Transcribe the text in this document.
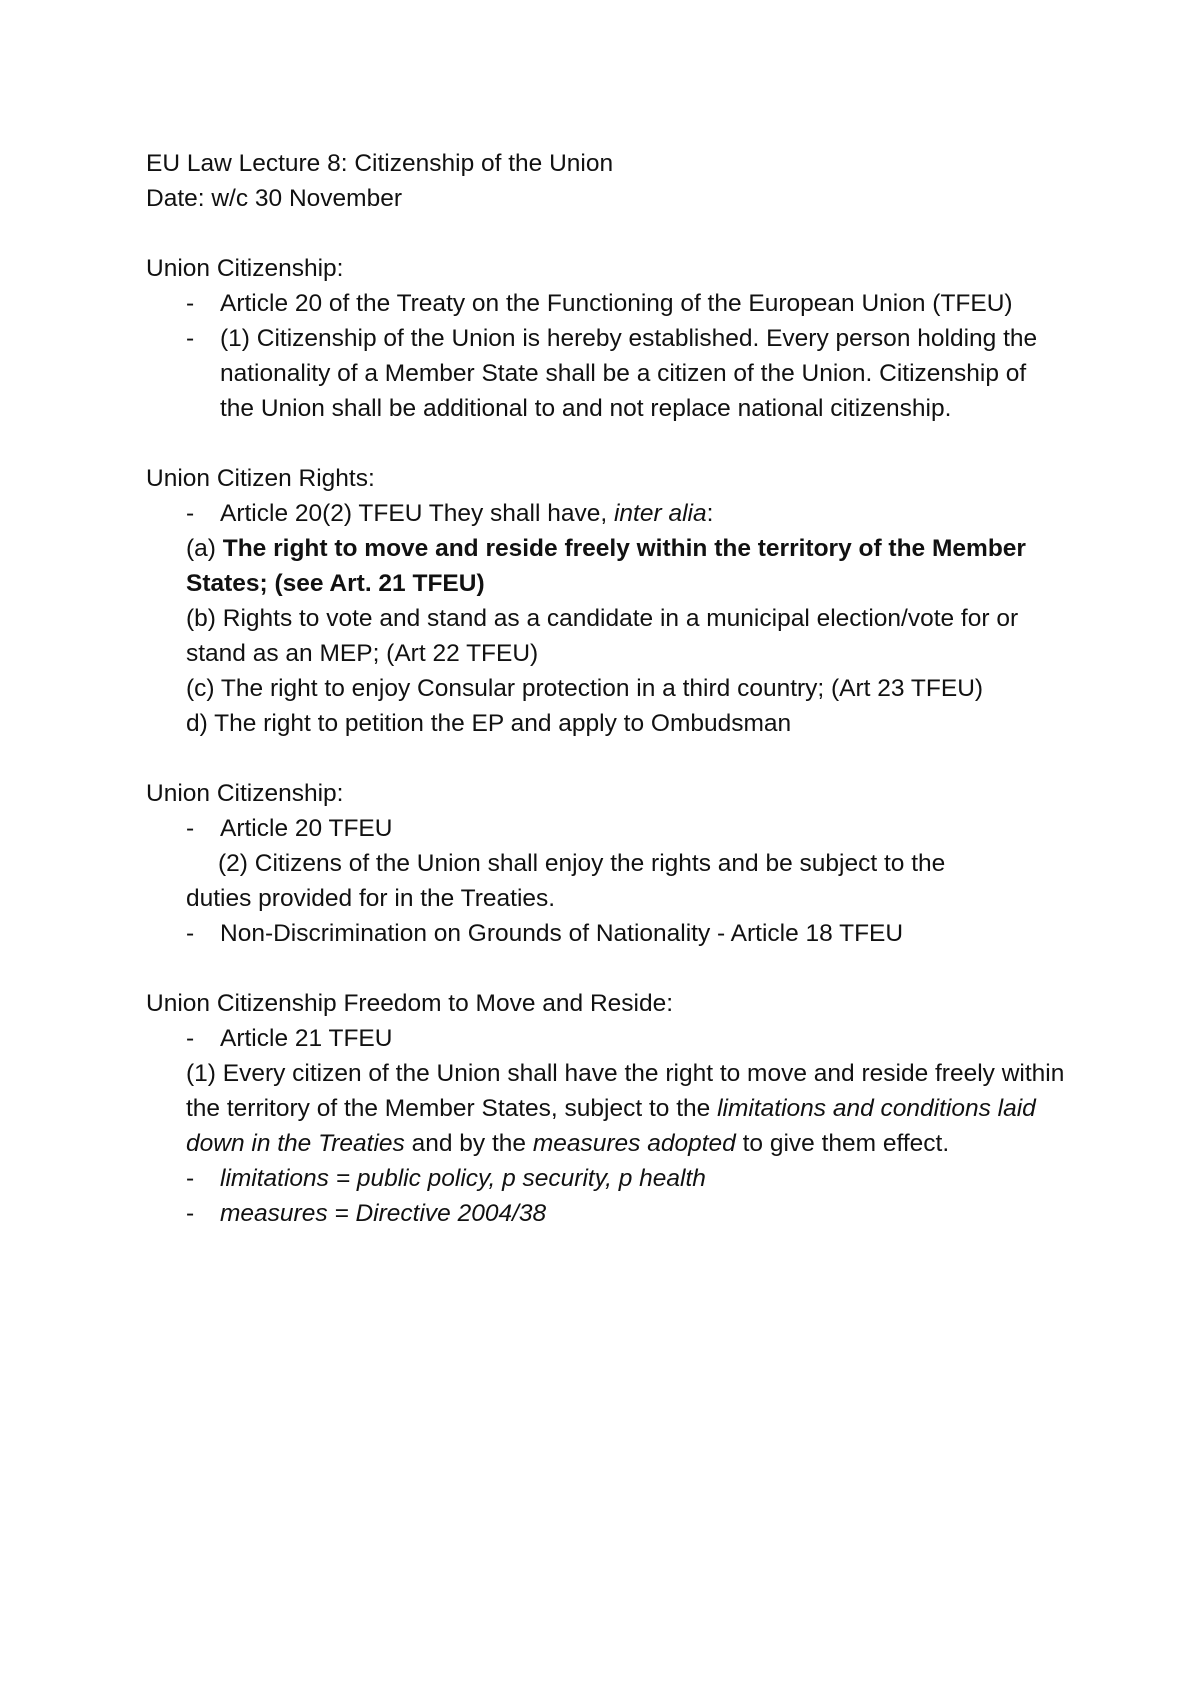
EU Law Lecture 8: Citizenship of the Union
Date: w/c 30 November
Union Citizenship:
- Article 20 of the Treaty on the Functioning of the European Union (TFEU)
- (1) Citizenship of the Union is hereby established. Every person holding the nationality of a Member State shall be a citizen of the Union. Citizenship of the Union shall be additional to and not replace national citizenship.
Union Citizen Rights:
- Article 20(2) TFEU They shall have, inter alia:
(a) The right to move and reside freely within the territory of the Member States; (see Art. 21 TFEU)
(b) Rights to vote and stand as a candidate in a municipal election/vote for or stand as an MEP; (Art 22 TFEU)
(c) The right to enjoy Consular protection in a third country; (Art 23 TFEU)
d) The right to petition the EP and apply to Ombudsman
Union Citizenship:
- Article 20 TFEU
(2) Citizens of the Union shall enjoy the rights and be subject to the
duties provided for in the Treaties.
- Non-Discrimination on Grounds of Nationality - Article 18 TFEU
Union Citizenship Freedom to Move and Reside:
- Article 21 TFEU
(1) Every citizen of the Union shall have the right to move and reside freely within the territory of the Member States, subject to the limitations and conditions laid down in the Treaties and by the measures adopted to give them effect.
- limitations = public policy, p security, p health
- measures = Directive 2004/38
